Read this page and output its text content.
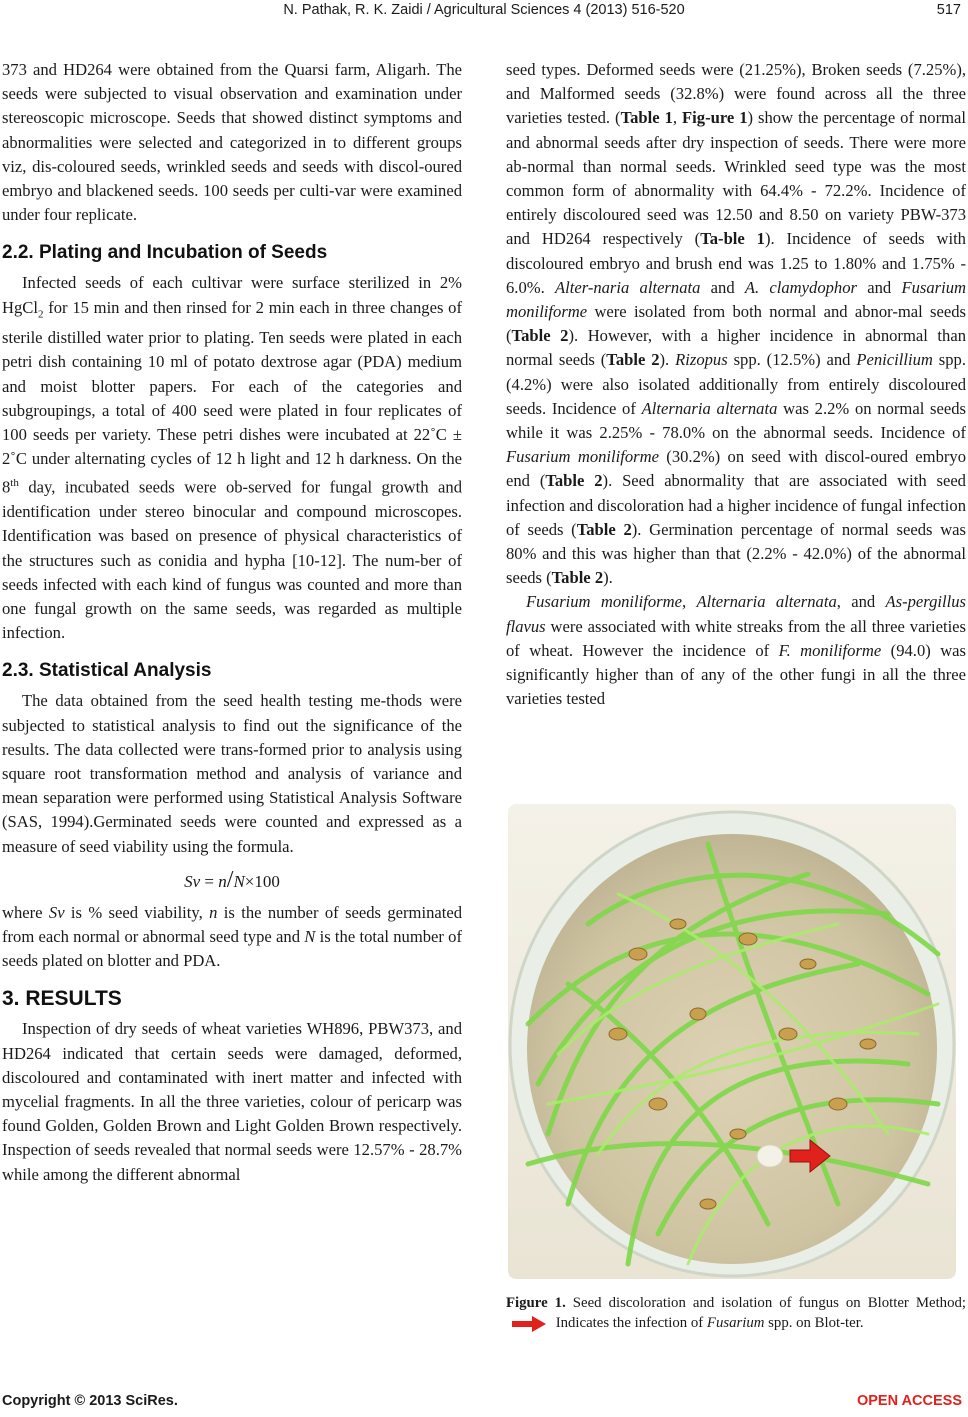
N. Pathak, R. K. Zaidi / Agricultural Sciences 4 (2013) 516-520	517

373 and HD264 were obtained from the Quarsi farm, Aligarh. The seeds were subjected to visual observation and examination under stereoscopic microscope. Seeds that showed distinct symptoms and abnormalities were selected and categorized in to different groups viz, dis-coloured seeds, wrinkled seeds and seeds with discol-oured embryo and blackened seeds. 100 seeds per culti-var were examined under four replicate.

2.2. Plating and Incubation of Seeds

Infected seeds of each cultivar were surface sterilized in 2% HgCl$_2$ for 15 min and then rinsed for 2 min each in three changes of sterile distilled water prior to plating. Ten seeds were plated in each petri dish containing 10 ml of potato dextrose agar (PDA) medium and moist blotter papers. For each of the categories and subgroupings, a total of 400 seed were plated in four replicates of 100 seeds per variety. These petri dishes were incubated at 22˚C ± 2˚C under alternating cycles of 12 h light and 12 h darkness. On the 8th day, incubated seeds were ob-served for fungal growth and identification under stereo binocular and compound microscopes. Identification was based on presence of physical characteristics of the structures such as conidia and hypha [10-12]. The num-ber of seeds infected with each kind of fungus was counted and more than one fungal growth on the same seeds, was regarded as multiple infection.

2.3. Statistical Analysis

The data obtained from the seed health testing me-thods were subjected to statistical analysis to find out the significance of the results. The data collected were trans-formed prior to analysis using square root transformation method and analysis of variance and mean separation were performed using Statistical Analysis Software (SAS, 1994).Germinated seeds were counted and expressed as a measure of seed viability using the formula.

Sv = n/N×100

where Sv is % seed viability, n is the number of seeds germinated from each normal or abnormal seed type and N is the total number of seeds plated on blotter and PDA.

3. RESULTS

Inspection of dry seeds of wheat varieties WH896, PBW373, and HD264 indicated that certain seeds were damaged, deformed, discoloured and contaminated with inert matter and infected with mycelial fragments. In all the three varieties, colour of pericarp was found Golden, Golden Brown and Light Golden Brown respectively. Inspection of seeds revealed that normal seeds were 12.57% - 28.7% while among the different abnormal

seed types. Deformed seeds were (21.25%), Broken seeds (7.25%), and Malformed seeds (32.8%) were found across all the three varieties tested. (Table 1, Fig-ure 1) show the percentage of normal and abnormal seeds after dry inspection of seeds. There were more ab-normal than normal seeds. Wrinkled seed type was the most common form of abnormality with 64.4% - 72.2%. Incidence of entirely discoloured seed was 12.50 and 8.50 on variety PBW-373 and HD264 respectively (Ta-ble 1). Incidence of seeds with discoloured embryo and brush end was 1.25 to 1.80% and 1.75% - 6.0%. Alter-naria alternata and A. clamydophor and Fusarium moniliforme were isolated from both normal and abnor-mal seeds (Table 2). However, with a higher incidence in abnormal than normal seeds (Table 2). Rizopus spp. (12.5%) and Penicillium spp. (4.2%) were also isolated additionally from entirely discoloured seeds. Incidence of Alternaria alternata was 2.2% on normal seeds while it was 2.25% - 78.0% on the abnormal seeds. Incidence of Fusarium moniliforme (30.2%) on seed with discol-oured embryo end (Table 2). Seed abnormality that are associated with seed infection and discoloration had a higher incidence of fungal infection of seeds (Table 2). Germination percentage of normal seeds was 80% and this was higher than that (2.2% - 42.0%) of the abnormal seeds (Table 2).

Fusarium moniliforme, Alternaria alternata, and As-pergillus flavus were associated with white streaks from the all three varieties of wheat. However the incidence of F. moniliforme (94.0) was significantly higher than of any of the other fungi in all the three varieties tested

Figure 1. Seed discoloration and isolation of fungus on Blotter Method;  Indicates the infection of Fusarium spp. on Blot-ter.
Copyright © 2013 SciRes.	OPEN ACCESS
